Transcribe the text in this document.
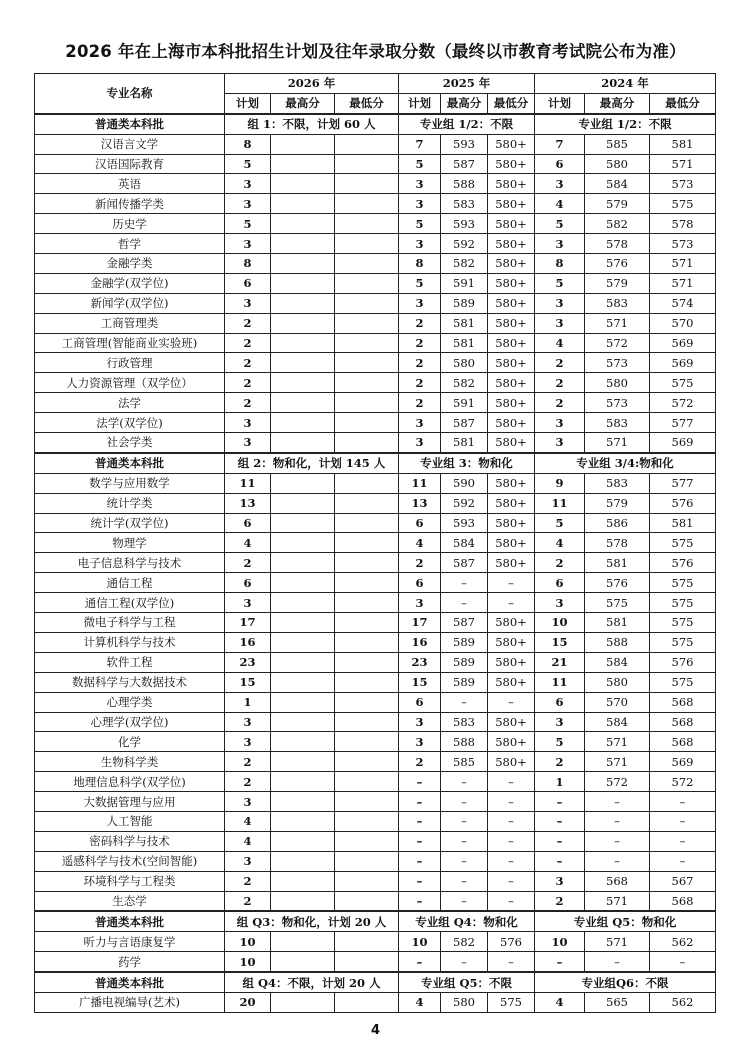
2026 年在上海市本科批招生计划及往年录取分数（最终以市教育考试院公布为准）
专业名称	2026 年			2025 年			2024 年		
	计划	最高分	最低分	计划	最高分	最低分	计划	最高分	最低分
普通类本科批	组 1：不限，计划 60 人			专业组 1/2：不限			专业组 1/2：不限		
汉语言文学	8			7	593	580+	7	585	581
汉语国际教育	5			5	587	580+	6	580	571
英语	3			3	588	580+	3	584	573
新闻传播学类	3			3	583	580+	4	579	575
历史学	5			5	593	580+	5	582	578
哲学	3			3	592	580+	3	578	573
金融学类	8			8	582	580+	8	576	571
金融学(双学位)	6			5	591	580+	5	579	571
新闻学(双学位)	3			3	589	580+	3	583	574
工商管理类	2			2	581	580+	3	571	570
工商管理(智能商业实验班)	2			2	581	580+	4	572	569
行政管理	2			2	580	580+	2	573	569
人力资源管理（双学位）	2			2	582	580+	2	580	575
法学	2			2	591	580+	2	573	572
法学(双学位)	3			3	587	580+	3	583	577
社会学类	3			3	581	580+	3	571	569
普通类本科批	组 2：物和化，计划 145 人			专业组 3：物和化			专业组 3/4:物和化		
数学与应用数学	11			11	590	580+	9	583	577
统计学类	13			13	592	580+	11	579	576
统计学(双学位)	6			6	593	580+	5	586	581
物理学	4			4	584	580+	4	578	575
电子信息科学与技术	2			2	587	580+	2	581	576
通信工程	6			6	–	–	6	576	575
通信工程(双学位)	3			3	–	–	3	575	575
微电子科学与工程	17			17	587	580+	10	581	575
计算机科学与技术	16			16	589	580+	15	588	575
软件工程	23			23	589	580+	21	584	576
数据科学与大数据技术	15			15	589	580+	11	580	575
心理学类	1			6	–	–	6	570	568
心理学(双学位)	3			3	583	580+	3	584	568
化学	3			3	588	580+	5	571	568
生物科学类	2			2	585	580+	2	571	569
地理信息科学(双学位)	2			–	–	–	1	572	572
大数据管理与应用	3			–	–	–	–	–	–
人工智能	4			–	–	–	–	–	–
密码科学与技术	4			–	–	–	–	–	–
遥感科学与技术(空间智能)	3			–	–	–	–	–	–
环境科学与工程类	2			–	–	–	3	568	567
生态学	2			–	–	–	2	571	568
普通类本科批	组 Q3：物和化，计划 20 人			专业组 Q4：物和化			专业组 Q5：物和化		
听力与言语康复学	10			10	582	576	10	571	562
药学	10			–	–	–	–	–	–
普通类本科批	组 Q4：不限，计划 20 人			专业组 Q5：不限			专业组Q6：不限		
广播电视编导(艺术)	20			4	580	575	4	565	562
4
